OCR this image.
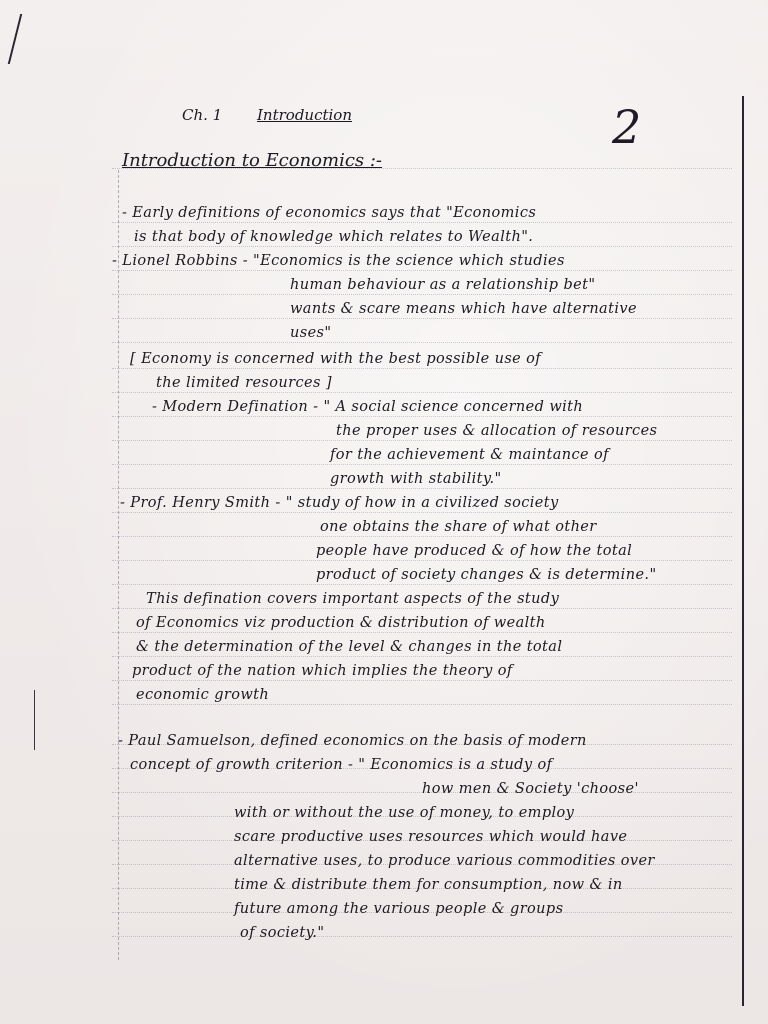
2
Ch. 1 Introduction
Introduction to Economics :-
- Early definitions of economics says that "Economics
is that body of knowledge which relates to Wealth".
- Lionel Robbins - "Economics is the science which studies
human behaviour as a relationship bet"
wants & scare means which have alternative
uses"
[ Economy is concerned with the best possible use of
the limited resources ]
- Modern Defination - " A social science concerned with
the proper uses & allocation of resources
for the achievement & maintance of
growth with stability."
- Prof. Henry Smith - " study of how in a civilized society
one obtains the share of what other
people have produced & of how the total
product of society changes & is determine."
This defination covers important aspects of the study
of Economics viz production & distribution of wealth
& the determination of the level & changes in the total
product of the nation which implies the theory of
economic growth
- Paul Samuelson, defined economics on the basis of modern
concept of growth criterion - " Economics is a study of
how men & Society 'choose'
with or without the use of money, to employ
scare productive uses resources which would have
alternative uses, to produce various commodities over
time & distribute them for consumption, now & in
future among the various people & groups
of society."
